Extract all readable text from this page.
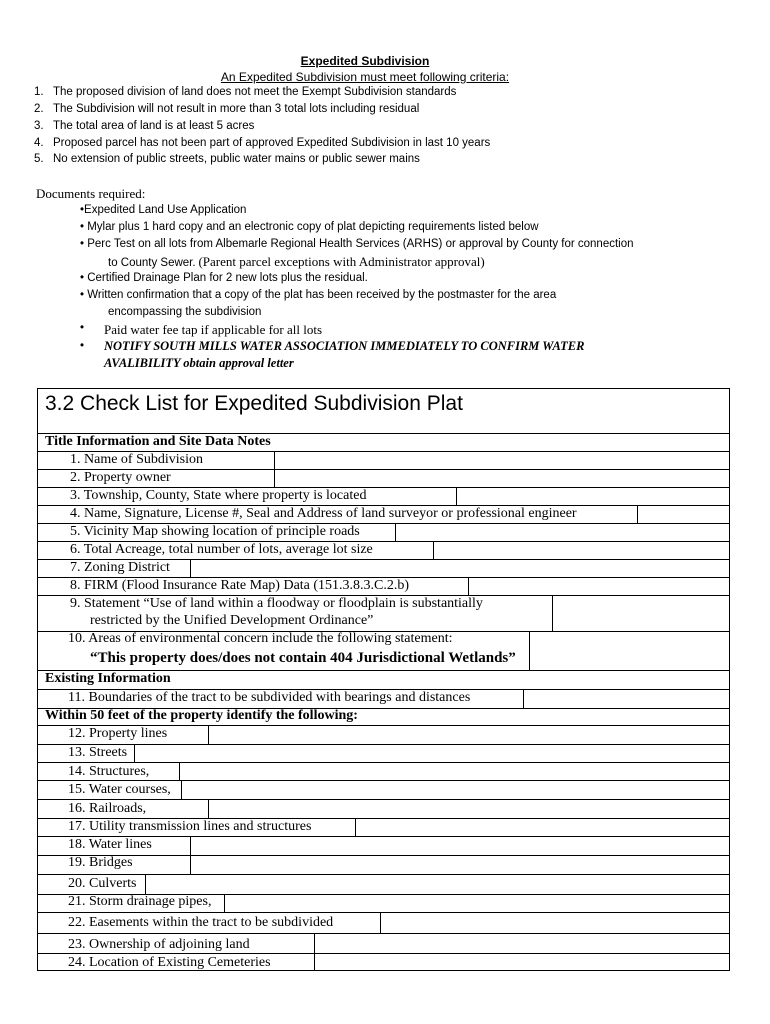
Expedited Subdivision
An Expedited Subdivision must meet following criteria:
1. The proposed division of land does not meet the Exempt Subdivision standards
2. The Subdivision will not result in more than 3 total lots including residual
3. The total area of land is at least 5 acres
4. Proposed parcel has not been part of approved Expedited Subdivision in last 10 years
5. No extension of public streets, public water mains or public sewer mains
Documents required:
•Expedited Land Use Application
• Mylar plus 1 hard copy and an electronic copy of plat depicting requirements listed below
• Perc Test on all lots from Albemarle Regional Health Services (ARHS) or approval by County for connection
to County Sewer. (Parent parcel exceptions with Administrator approval)
• Certified Drainage Plan for 2 new lots plus the residual.
• Written confirmation that a copy of the plat has been received by the postmaster for the area
encompassing the subdivision
• Paid water fee tap if applicable for all lots
• NOTIFY SOUTH MILLS WATER ASSOCIATION IMMEDIATELY TO CONFIRM WATER
AVALIBILITY obtain approval letter
3.2 Check List for Expedited Subdivision Plat
Title Information and Site Data Notes
Existing Information
Within 50 feet of the property identify the following:
1. Name of Subdivision
2. Property owner
3. Township, County, State where property is located
4. Name, Signature, License #, Seal and Address of land surveyor or professional engineer
5. Vicinity Map showing location of principle roads
6. Total Acreage, total number of lots, average lot size
7. Zoning District
8. FIRM (Flood Insurance Rate Map) Data (151.3.8.3.C.2.b)
9. Statement “Use of land within a floodway or floodplain is substantially
restricted by the Unified Development Ordinance”
10. Areas of environmental concern include the following statement:
“This property does/does not contain 404 Jurisdictional Wetlands”
11. Boundaries of the tract to be subdivided with bearings and distances
12. Property lines
13. Streets
14. Structures,
15. Water courses,
16. Railroads,
17. Utility transmission lines and structures
18. Water lines
19. Bridges
20. Culverts
21. Storm drainage pipes,
22. Easements within the tract to be subdivided
23. Ownership of adjoining land
24. Location of Existing Cemeteries
